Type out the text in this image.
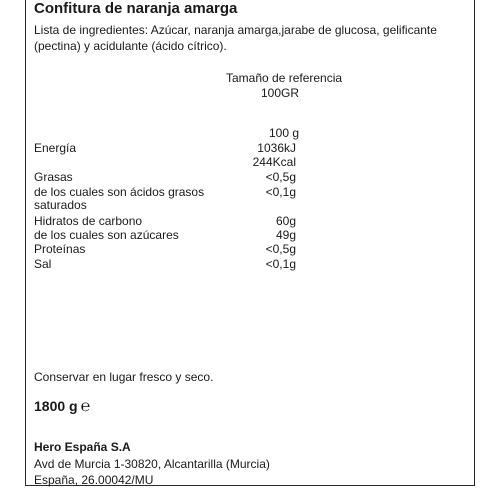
Confitura de naranja amarga
Lista de ingredientes: Azúcar, naranja amarga,jarabe de glucosa, gelificante (pectina) y acidulante (ácido cítrico).
Tamaño de referencia
100GR
100 g
Energía	1036kJ
244Kcal
Grasas	<0,5g
de los cuales son ácidos grasos	<0,1g
saturados
Hidratos de carbono	60g
de los cuales son azúcares	49g
Proteínas	<0,5g
Sal	<0,1g
Conservar en lugar fresco y seco.
1800 g ℮
Hero España S.A
Avd de Murcia 1-30820, Alcantarilla (Murcia)
España, 26.00042/MU
